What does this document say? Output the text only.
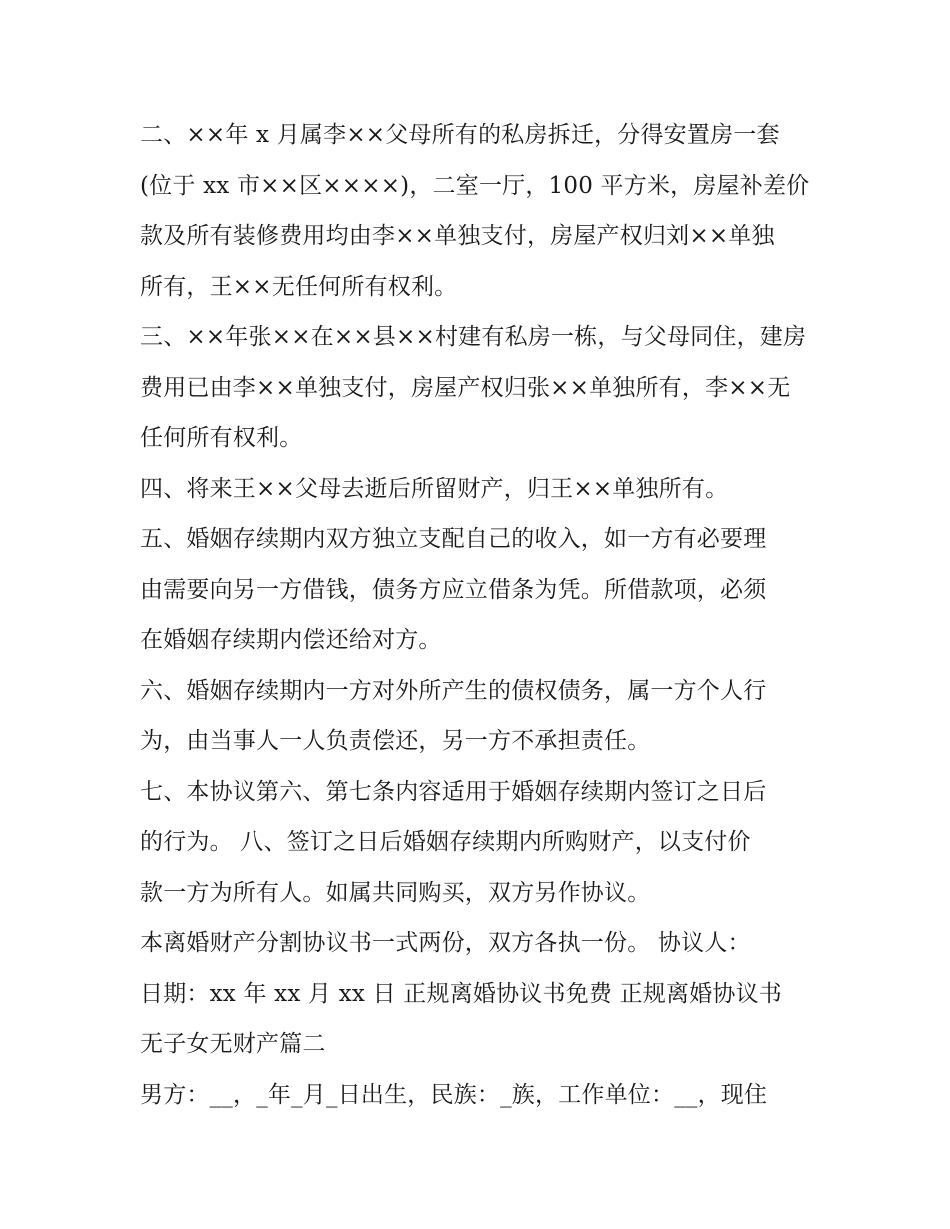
二、××年 x 月属李××父母所有的私房拆迁，分得安置房一套
(位于 xx 市××区××××)，二室一厅，100 平方米，房屋补差价
款及所有装修费用均由李××单独支付，房屋产权归刘××单独
所有，王××无任何所有权利。
三、××年张××在××县××村建有私房一栋，与父母同住，建房
费用已由李××单独支付，房屋产权归张××单独所有，李××无
任何所有权利。
四、将来王××父母去逝后所留财产，归王××单独所有。
五、婚姻存续期内双方独立支配自己的收入，如一方有必要理
由需要向另一方借钱，债务方应立借条为凭。所借款项，必须
在婚姻存续期内偿还给对方。
六、婚姻存续期内一方对外所产生的债权债务，属一方个人行
为，由当事人一人负责偿还，另一方不承担责任。
七、本协议第六、第七条内容适用于婚姻存续期内签订之日后
的行为。 八、签订之日后婚姻存续期内所购财产，以支付价
款一方为所有人。如属共同购买，双方另作协议。
本离婚财产分割协议书一式两份，双方各执一份。 协议人：
日期：xx 年 xx 月 xx 日 正规离婚协议书免费 正规离婚协议书
无子女无财产篇二
男方：__，_年_月_日出生，民族：_族，工作单位：__，现住
